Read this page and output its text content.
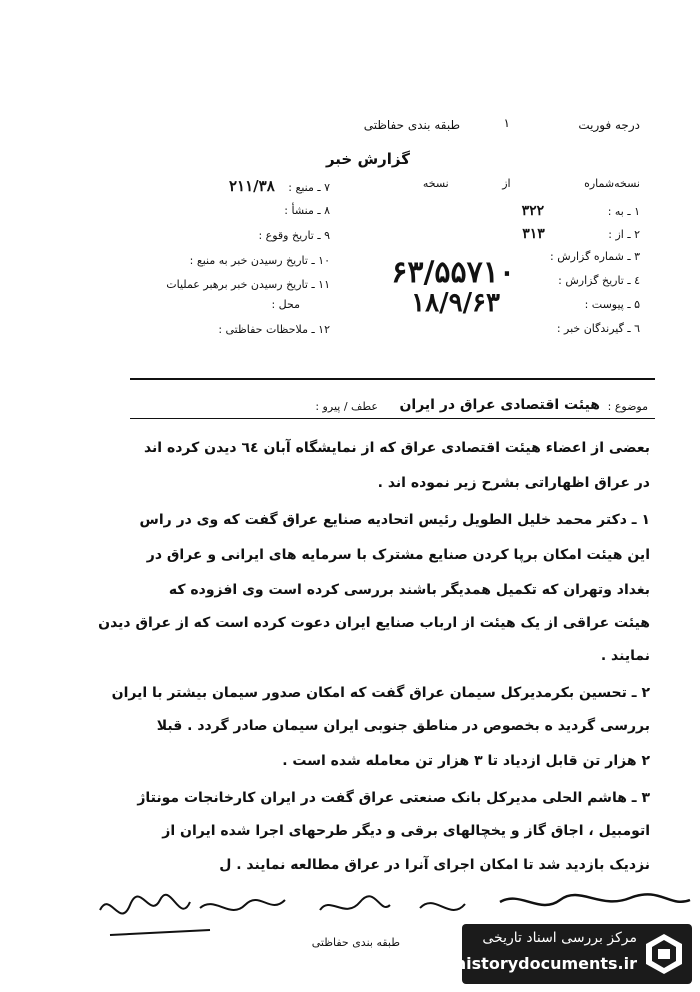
درجه فوریت
۱
طبقه بندی حفاظتی
گزارش خبر
۷ ـ منبع : ۲۱۱/۳۸
۸ ـ منشأ :
۹ ـ تاریخ وقوع :
۱۰ ـ تاریخ رسیدن خبر به منبع :
۱۱ ـ تاریخ رسیدن خبر برهبر عملیات
محل :
۱۲ ـ ملاحظات حفاظتی :
نسخه‌شماره از نسخه
۱ ـ به : ۳۲۲
۲ ـ از : ۳۱۳
۳ ـ شماره گزارش :
٤ ـ تاریخ گزارش :
۵ ـ پیوست :
٦ ـ گیرندگان خبر :
۶۳/۵۵۷۱۰
۱۸/۹/۶۳
موضوع :
هیئت اقتصادی عراق در ایران
عطف / پیرو :
بعضی از اعضاء هیئت اقتصادی عراق که از نمایشگاه آبان ٦٤ دیدن کرده اند
در عراق اظهاراتی بشرح زیر نموده اند .
۱ ـ دکتر محمد خلیل الطویل رئیس اتحادیه صنایع عراق گفت که وی در راس
این هیئت امکان برپا کردن صنایع مشترک با سرمایه های ایرانی و عراق در
بغداد وتهران که تکمیل همدیگر باشند بررسی کرده است وی افزوده که
هیئت عراقی از یک هیئت از ارباب صنایع ایران دعوت کرده است که از عراق دیدن
نمایند .
۲ ـ تحسین بکرمدیرکل سیمان عراق گفت که امکان صدور سیمان بیشتر با ایران
بررسی گردید ه بخصوص در مناطق جنوبی ایران سیمان صادر گردد . قبلا
۲ هزار تن قابل ازدیاد تا ۳ هزار تن معامله شده است .
۳ ـ هاشم الحلی مدیرکل بانک صنعتی عراق گفت در ایران کارخانجات مونتاژ
اتومبیل ، اجاق گاز و یخچالهای برقی و دیگر طرحهای اجرا شده ایران از
نزدیک بازدید شد تا امکان اجرای آنرا در عراق مطالعه نمایند . ل
طبقه بندی حفاظتی	مرکز بررسی اسناد تاریخی
historydocuments.ir
